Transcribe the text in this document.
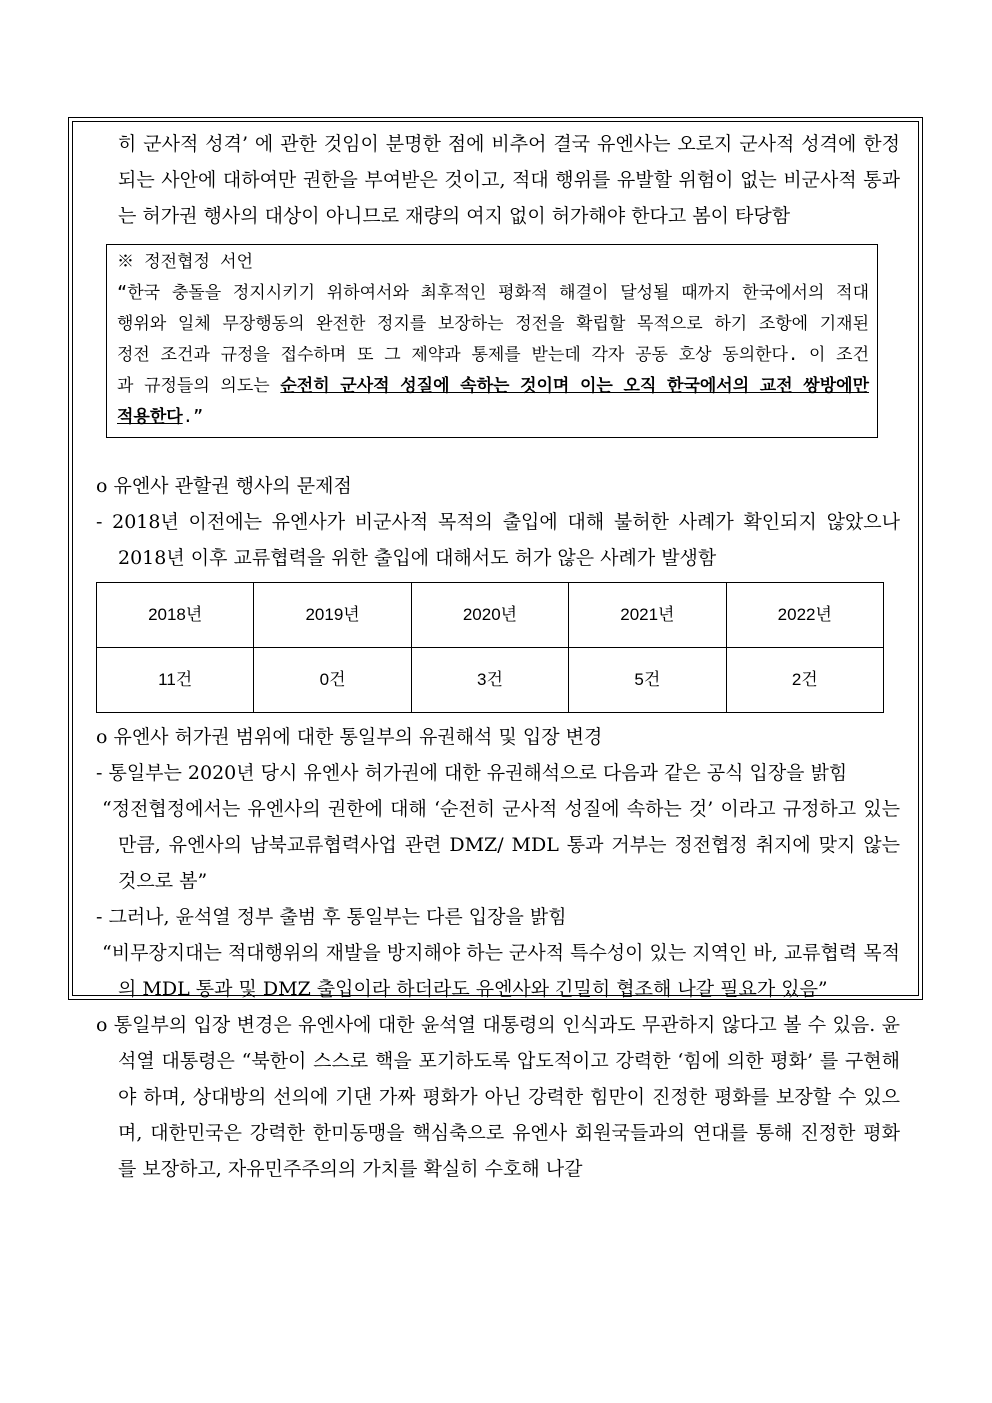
히 군사적 성격’ 에 관한 것임이 분명한 점에 비추어 결국 유엔사는 오로지 군사적 성격에 한정되는 사안에 대하여만 권한을 부여받은 것이고, 적대 행위를 유발할 위험이 없는 비군사적 통과는 허가권 행사의 대상이 아니므로 재량의 여지 없이 허가해야 한다고 봄이 타당함

※ 정전협정 서언

“한국 충돌을 정지시키기 위하여서와 최후적인 평화적 해결이 달성될 때까지 한국에서의 적대행위와 일체 무장행동의 완전한 정지를 보장하는 정전을 확립할 목적으로 하기 조항에 기재된 정전 조건과 규정을 접수하며 또 그 제약과 통제를 받는데 각자 공동 호상 동의한다. 이 조건과 규정들의 의도는 순전히 군사적 성질에 속하는 것이며 이는 오직 한국에서의 교전 쌍방에만 적용한다.”

o 유엔사 관할권 행사의 문제점

- 2018년 이전에는 유엔사가 비군사적 목적의 출입에 대해 불허한 사례가 확인되지 않았으나 2018년 이후 교류협력을 위한 출입에 대해서도 허가 않은 사례가 발생함

2018년	2019년	2020년	2021년	2022년
11건	0건	3건	5건	2건

o 유엔사 허가권 범위에 대한 통일부의 유권해석 및 입장 변경

- 통일부는 2020년 당시 유엔사 허가권에 대한 유권해석으로 다음과 같은 공식 입장을 밝힘

“정전협정에서는 유엔사의 권한에 대해 ‘순전히 군사적 성질에 속하는 것’ 이라고 규정하고 있는 만큼, 유엔사의 남북교류협력사업 관련 DMZ/ MDL 통과 거부는 정전협정 취지에 맞지 않는 것으로 봄”

- 그러나, 윤석열 정부 출범 후 통일부는 다른 입장을 밝힘

“비무장지대는 적대행위의 재발을 방지해야 하는 군사적 특수성이 있는 지역인 바, 교류협력 목적의 MDL 통과 및 DMZ 출입이라 하더라도 유엔사와 긴밀히 협조해 나갈 필요가 있음”

o 통일부의 입장 변경은 유엔사에 대한 윤석열 대통령의 인식과도 무관하지 않다고 볼 수 있음. 윤석열 대통령은 “북한이 스스로 핵을 포기하도록 압도적이고 강력한 ‘힘에 의한 평화’ 를 구현해야 하며, 상대방의 선의에 기댄 가짜 평화가 아닌 강력한 힘만이 진정한 평화를 보장할 수 있으며, 대한민국은 강력한 한미동맹을 핵심축으로 유엔사 회원국들과의 연대를 통해 진정한 평화를 보장하고, 자유민주주의의 가치를 확실히 수호해 나갈
